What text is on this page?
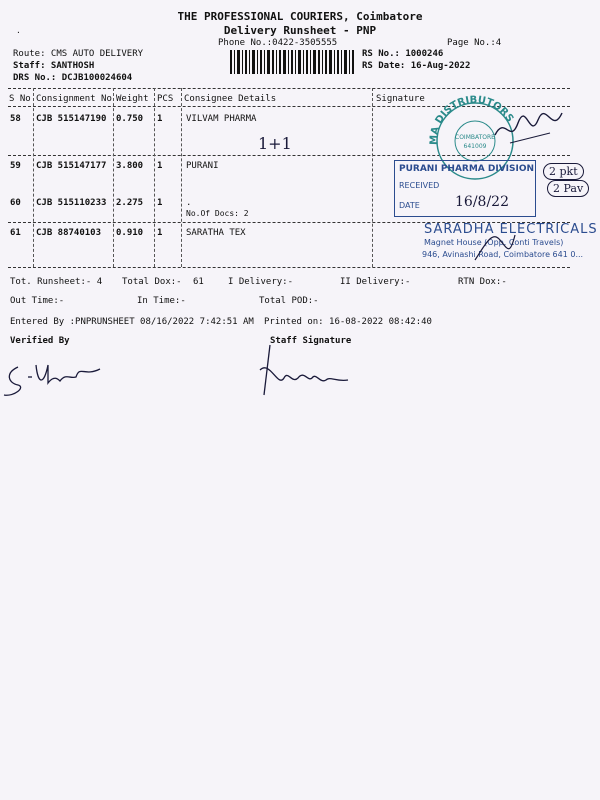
THE PROFESSIONAL COURIERS, Coimbatore
Delivery Runsheet - PNP
Phone No.:0422-3505555	Page No.:4
·
Route: CMS AUTO DELIVERY
Staff: SANTHOSH
DRS No.: DCJB100024604
RS No.: 1000246
RS Date: 16-Aug-2022
S No Consignment No Weight PCS Consignee Details	Signature
58 CJB 515147190 0.750 1	VILVAM PHARMA
59 CJB 515147177 3.800 1	PURANI
60 CJB 515110233 2.275 1	.
No.Of Docs: 2
61 CJB 88740103 0.910 1	SARATHA TEX
1+1	MA DISTRIBUTORS
COIMBATORE
641009
PURANI PHARMA DIVISION
RECEIVED
DATE	16/8/22
2 pkt
2 Pav
SARADHA ELECTRICALS
Magnet House (Opp. Conti Travels)
946, Avinashi Road, Coimbatore 641 0...
Tot. Runsheet:- 4 Total Dox:- 61	I Delivery:-	II Delivery:-	RTN Dox:-
Out Time:-	In Time:-	Total POD:-
Entered By :PNPRUNSHEET 08/16/2022 7:42:51 AM Printed on: 16-08-2022 08:42:40
Verified By	Staff Signature
